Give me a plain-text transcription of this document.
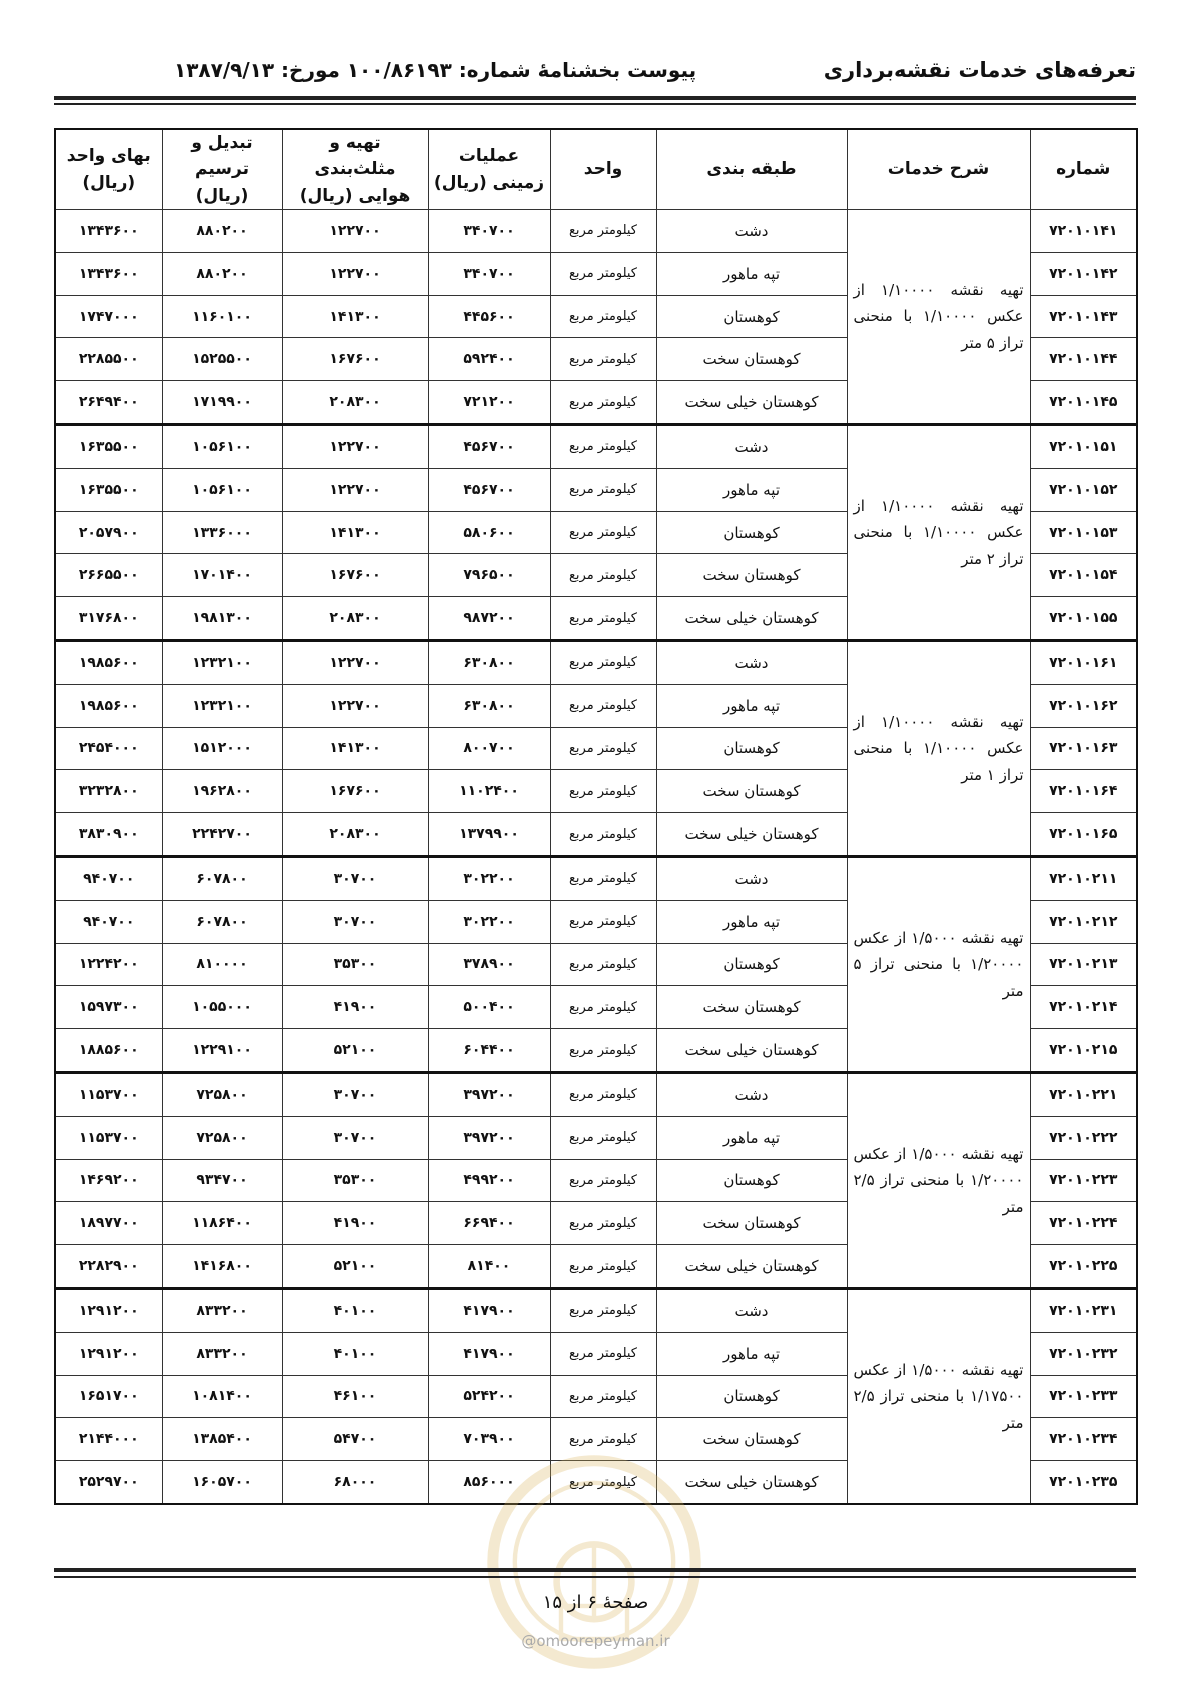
تعرفه‌های خدمات نقشه‌برداری
پیوست بخشنامهٔ شماره: ۱۰۰/۸۶۱۹۳ مورخ: ۱۳۸۷/۹/۱۳
شماره	شرح خدمات	طبقه بندی	واحد	عملیات زمینی (ریال)	تهیه و مثلث‌بندی هوایی (ریال)	تبدیل و ترسیم (ریال)	بهای واحد (ریال)
۷۲۰۱۰۱۴۱	تهیه نقشه ۱/۱۰۰۰۰ از عکس ۱/۱۰۰۰۰ با منحنی تراز ۵ متر	دشت	کیلومتر مربع	۳۴۰۷۰۰	۱۲۲۷۰۰	۸۸۰۲۰۰	۱۳۴۳۶۰۰
۷۲۰۱۰۱۴۲		تپه ماهور	کیلومتر مربع	۳۴۰۷۰۰	۱۲۲۷۰۰	۸۸۰۲۰۰	۱۳۴۳۶۰۰
۷۲۰۱۰۱۴۳		کوهستان	کیلومتر مربع	۴۴۵۶۰۰	۱۴۱۳۰۰	۱۱۶۰۱۰۰	۱۷۴۷۰۰۰
۷۲۰۱۰۱۴۴		کوهستان سخت	کیلومتر مربع	۵۹۲۴۰۰	۱۶۷۶۰۰	۱۵۲۵۵۰۰	۲۲۸۵۵۰۰
۷۲۰۱۰۱۴۵		کوهستان خیلی سخت	کیلومتر مربع	۷۲۱۲۰۰	۲۰۸۳۰۰	۱۷۱۹۹۰۰	۲۶۴۹۴۰۰
۷۲۰۱۰۱۵۱	تهیه نقشه ۱/۱۰۰۰۰ از عکس ۱/۱۰۰۰۰ با منحنی تراز ۲ متر	دشت	کیلومتر مربع	۴۵۶۷۰۰	۱۲۲۷۰۰	۱۰۵۶۱۰۰	۱۶۳۵۵۰۰
۷۲۰۱۰۱۵۲		تپه ماهور	کیلومتر مربع	۴۵۶۷۰۰	۱۲۲۷۰۰	۱۰۵۶۱۰۰	۱۶۳۵۵۰۰
۷۲۰۱۰۱۵۳		کوهستان	کیلومتر مربع	۵۸۰۶۰۰	۱۴۱۳۰۰	۱۳۳۶۰۰۰	۲۰۵۷۹۰۰
۷۲۰۱۰۱۵۴		کوهستان سخت	کیلومتر مربع	۷۹۶۵۰۰	۱۶۷۶۰۰	۱۷۰۱۴۰۰	۲۶۶۵۵۰۰
۷۲۰۱۰۱۵۵		کوهستان خیلی سخت	کیلومتر مربع	۹۸۷۲۰۰	۲۰۸۳۰۰	۱۹۸۱۳۰۰	۳۱۷۶۸۰۰
۷۲۰۱۰۱۶۱	تهیه نقشه ۱/۱۰۰۰۰ از عکس ۱/۱۰۰۰۰ با منحنی تراز ۱ متر	دشت	کیلومتر مربع	۶۳۰۸۰۰	۱۲۲۷۰۰	۱۲۳۲۱۰۰	۱۹۸۵۶۰۰
۷۲۰۱۰۱۶۲		تپه ماهور	کیلومتر مربع	۶۳۰۸۰۰	۱۲۲۷۰۰	۱۲۳۲۱۰۰	۱۹۸۵۶۰۰
۷۲۰۱۰۱۶۳		کوهستان	کیلومتر مربع	۸۰۰۷۰۰	۱۴۱۳۰۰	۱۵۱۲۰۰۰	۲۴۵۴۰۰۰
۷۲۰۱۰۱۶۴		کوهستان سخت	کیلومتر مربع	۱۱۰۲۴۰۰	۱۶۷۶۰۰	۱۹۶۲۸۰۰	۳۲۳۲۸۰۰
۷۲۰۱۰۱۶۵		کوهستان خیلی سخت	کیلومتر مربع	۱۳۷۹۹۰۰	۲۰۸۳۰۰	۲۲۴۲۷۰۰	۳۸۳۰۹۰۰
۷۲۰۱۰۲۱۱	تهیه نقشه ۱/۵۰۰۰ از عکس ۱/۲۰۰۰۰ با منحنی تراز ۵ متر	دشت	کیلومتر مربع	۳۰۲۲۰۰	۳۰۷۰۰	۶۰۷۸۰۰	۹۴۰۷۰۰
۷۲۰۱۰۲۱۲		تپه ماهور	کیلومتر مربع	۳۰۲۲۰۰	۳۰۷۰۰	۶۰۷۸۰۰	۹۴۰۷۰۰
۷۲۰۱۰۲۱۳		کوهستان	کیلومتر مربع	۳۷۸۹۰۰	۳۵۳۰۰	۸۱۰۰۰۰	۱۲۲۴۲۰۰
۷۲۰۱۰۲۱۴		کوهستان سخت	کیلومتر مربع	۵۰۰۴۰۰	۴۱۹۰۰	۱۰۵۵۰۰۰	۱۵۹۷۳۰۰
۷۲۰۱۰۲۱۵		کوهستان خیلی سخت	کیلومتر مربع	۶۰۴۴۰۰	۵۲۱۰۰	۱۲۲۹۱۰۰	۱۸۸۵۶۰۰
۷۲۰۱۰۲۲۱	تهیه نقشه ۱/۵۰۰۰ از عکس ۱/۲۰۰۰۰ با منحنی تراز ۲/۵ متر	دشت	کیلومتر مربع	۳۹۷۲۰۰	۳۰۷۰۰	۷۲۵۸۰۰	۱۱۵۳۷۰۰
۷۲۰۱۰۲۲۲		تپه ماهور	کیلومتر مربع	۳۹۷۲۰۰	۳۰۷۰۰	۷۲۵۸۰۰	۱۱۵۳۷۰۰
۷۲۰۱۰۲۲۳		کوهستان	کیلومتر مربع	۴۹۹۲۰۰	۳۵۳۰۰	۹۳۴۷۰۰	۱۴۶۹۲۰۰
۷۲۰۱۰۲۲۴		کوهستان سخت	کیلومتر مربع	۶۶۹۴۰۰	۴۱۹۰۰	۱۱۸۶۴۰۰	۱۸۹۷۷۰۰
۷۲۰۱۰۲۲۵		کوهستان خیلی سخت	کیلومتر مربع	۸۱۴۰۰	۵۲۱۰۰	۱۴۱۶۸۰۰	۲۲۸۲۹۰۰
۷۲۰۱۰۲۳۱	تهیه نقشه ۱/۵۰۰۰ از عکس ۱/۱۷۵۰۰ با منحنی تراز ۲/۵ متر	دشت	کیلومتر مربع	۴۱۷۹۰۰	۴۰۱۰۰	۸۳۳۲۰۰	۱۲۹۱۲۰۰
۷۲۰۱۰۲۳۲		تپه ماهور	کیلومتر مربع	۴۱۷۹۰۰	۴۰۱۰۰	۸۳۳۲۰۰	۱۲۹۱۲۰۰
۷۲۰۱۰۲۳۳		کوهستان	کیلومتر مربع	۵۲۴۲۰۰	۴۶۱۰۰	۱۰۸۱۴۰۰	۱۶۵۱۷۰۰
۷۲۰۱۰۲۳۴		کوهستان سخت	کیلومتر مربع	۷۰۳۹۰۰	۵۴۷۰۰	۱۳۸۵۴۰۰	۲۱۴۴۰۰۰
۷۲۰۱۰۲۳۵		کوهستان خیلی سخت	کیلومتر مربع	۸۵۶۰۰۰	۶۸۰۰۰	۱۶۰۵۷۰۰	۲۵۲۹۷۰۰
صفحهٔ ۶ از ۱۵
@omoorepeyman.ir
